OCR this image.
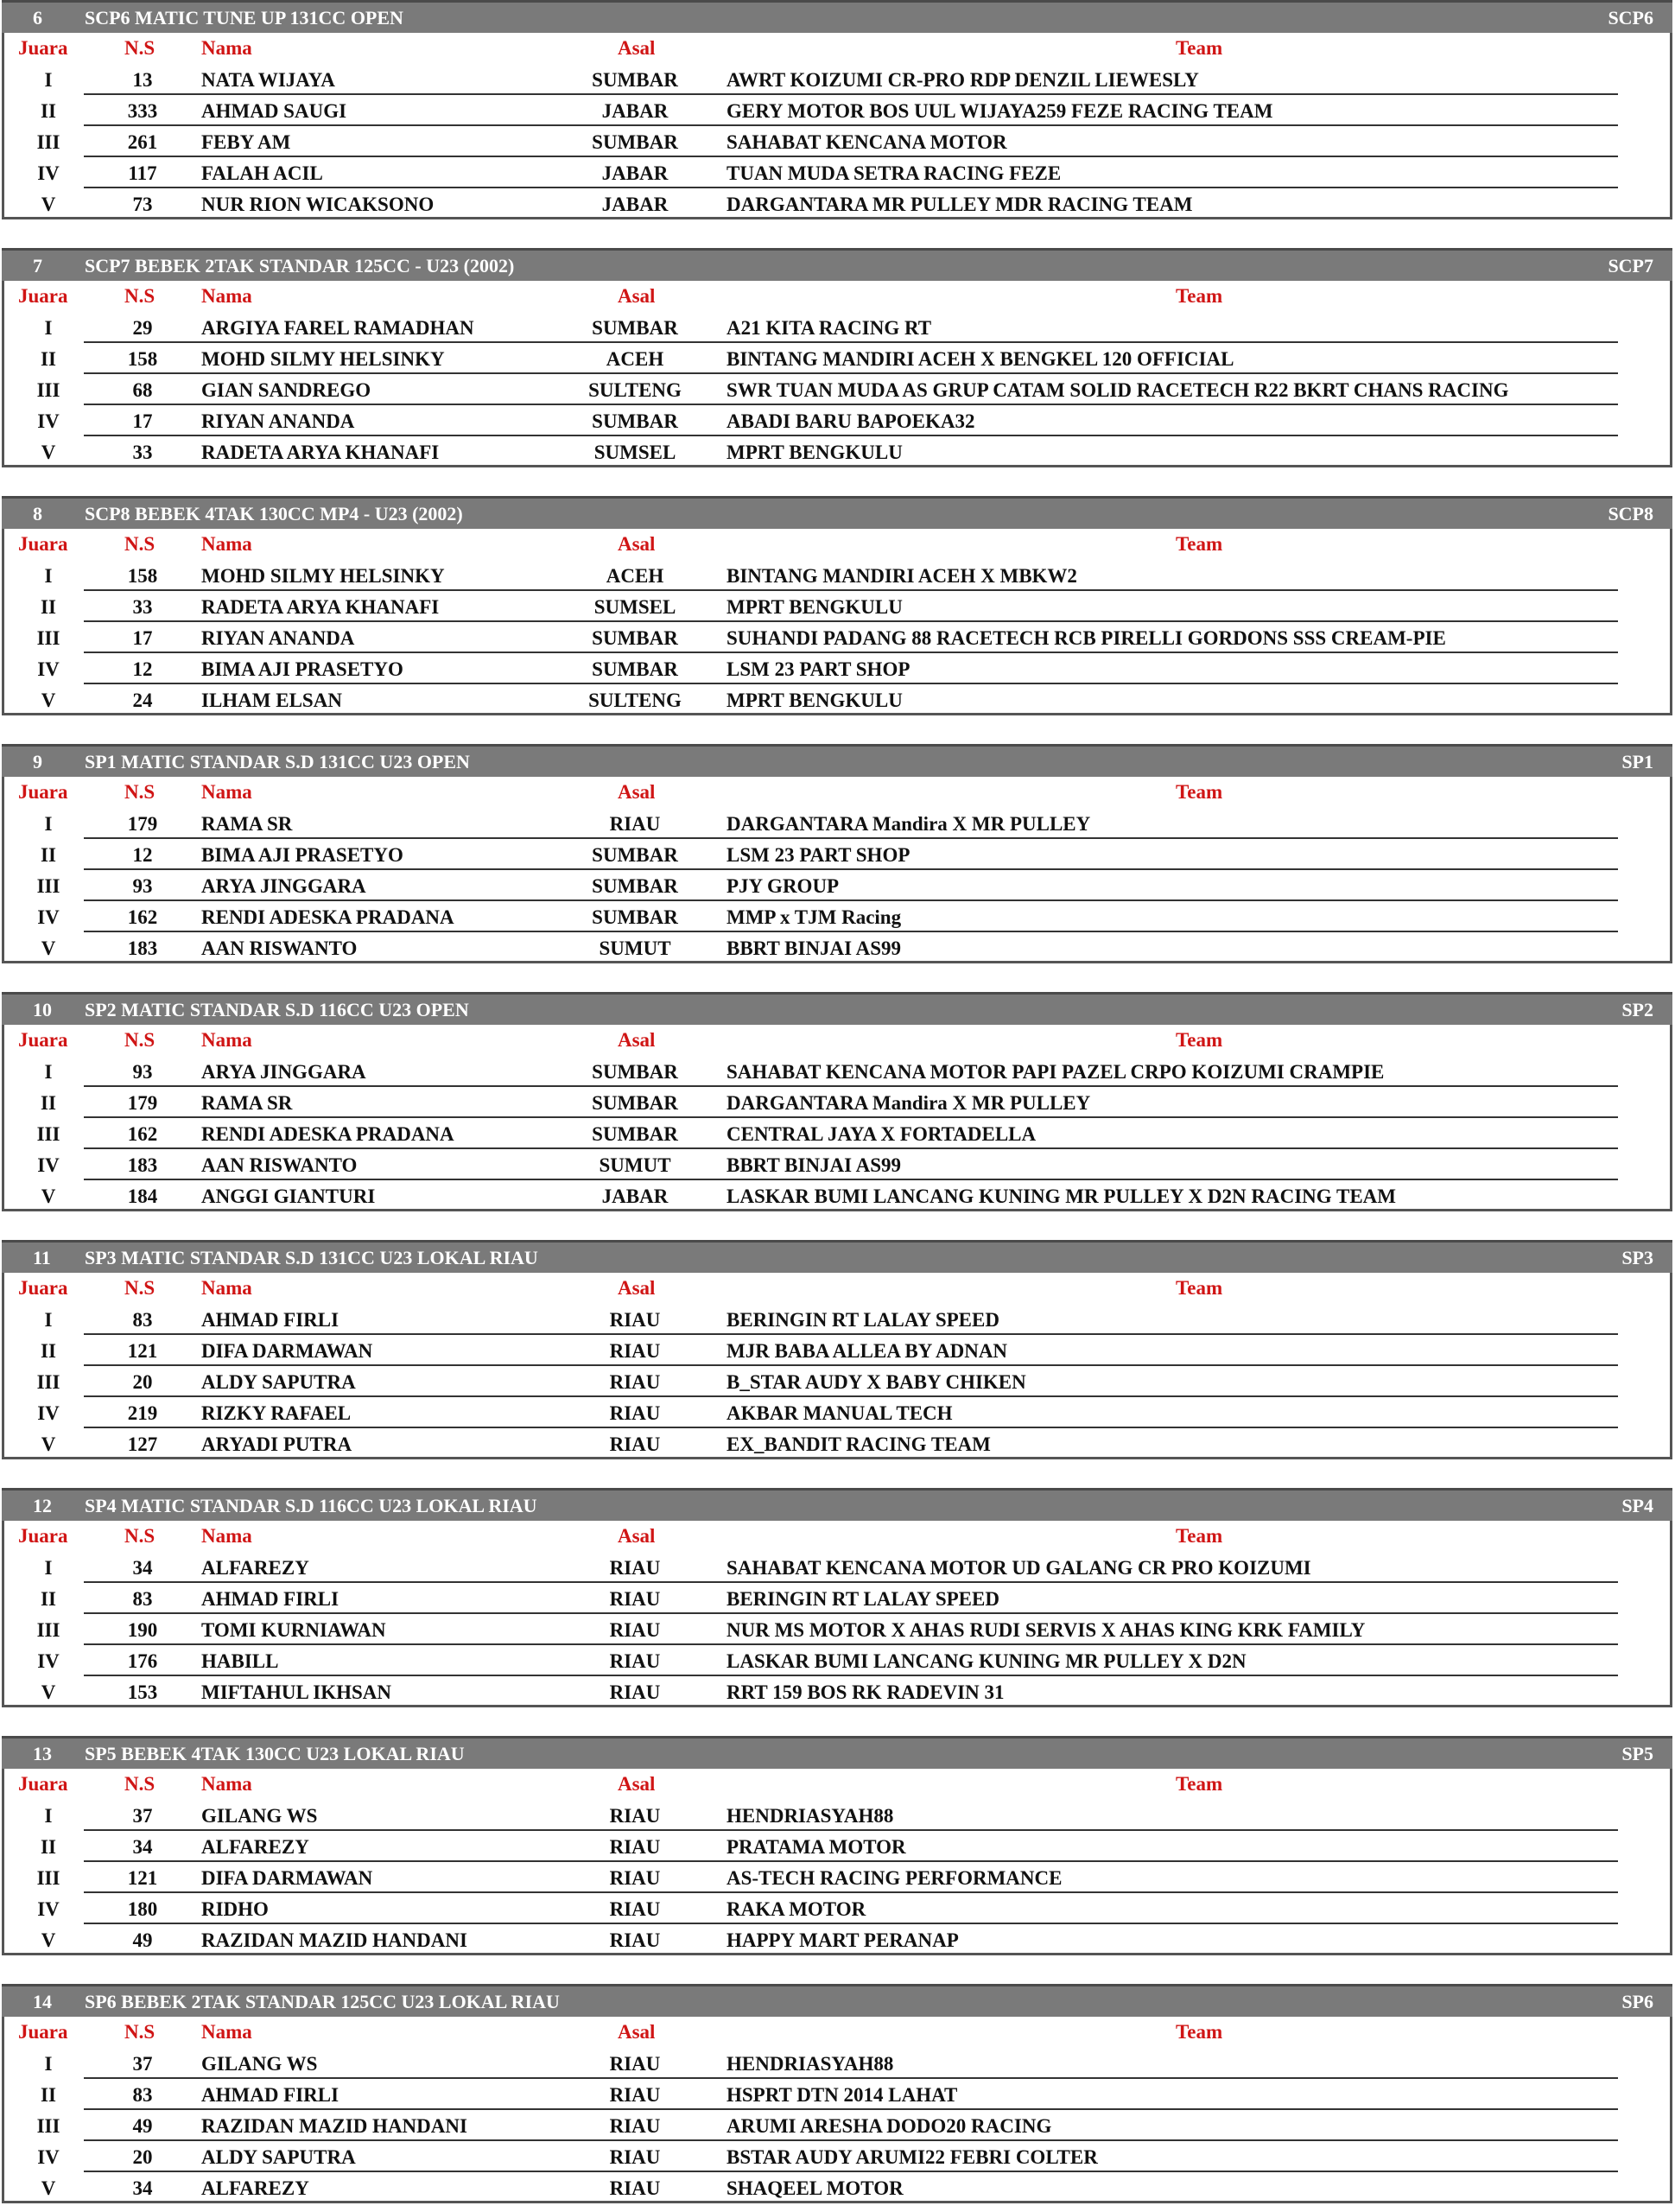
6 SCP6 MATIC TUNE UP 131CC OPEN	SCP6
Juara	N.S Nama	Asal	Team
I	13	NATA WIJAYA	SUMBAR	AWRT KOIZUMI CR-PRO RDP DENZIL LIEWESLY
II	333	AHMAD SAUGI	JABAR	GERY MOTOR BOS UUL WIJAYA259 FEZE RACING TEAM
III	261	FEBY AM	SUMBAR	SAHABAT KENCANA MOTOR
IV	117	FALAH ACIL	JABAR	TUAN MUDA SETRA RACING FEZE
V	73	NUR RION WICAKSONO	JABAR	DARGANTARA MR PULLEY MDR RACING TEAM
7 SCP7 BEBEK 2TAK STANDAR 125CC - U23 (2002)	SCP7
Juara	N.S Nama	Asal	Team
I	29	ARGIYA FAREL RAMADHAN	SUMBAR	A21 KITA RACING RT
II	158	MOHD SILMY HELSINKY	ACEH	BINTANG MANDIRI ACEH X BENGKEL 120 OFFICIAL
III	68	GIAN SANDREGO	SULTENG	SWR TUAN MUDA AS GRUP CATAM SOLID RACETECH R22 BKRT CHANS RACING
IV	17	RIYAN ANANDA	SUMBAR	ABADI BARU BAPOEKA32
V	33	RADETA ARYA KHANAFI	SUMSEL	MPRT BENGKULU
8 SCP8 BEBEK 4TAK 130CC MP4 - U23 (2002)	SCP8
Juara	N.S Nama	Asal	Team
I	158	MOHD SILMY HELSINKY	ACEH	BINTANG MANDIRI ACEH X MBKW2
II	33	RADETA ARYA KHANAFI	SUMSEL	MPRT BENGKULU
III	17	RIYAN ANANDA	SUMBAR	SUHANDI PADANG 88 RACETECH RCB PIRELLI GORDONS SSS CREAM-PIE
IV	12	BIMA AJI PRASETYO	SUMBAR	LSM 23 PART SHOP
V	24	ILHAM ELSAN	SULTENG	MPRT BENGKULU
9 SP1 MATIC STANDAR S.D 131CC U23 OPEN	SP1
Juara	N.S Nama	Asal	Team
I	179	RAMA SR	RIAU	DARGANTARA Mandira X MR PULLEY
II	12	BIMA AJI PRASETYO	SUMBAR	LSM 23 PART SHOP
III	93	ARYA JINGGARA	SUMBAR	PJY GROUP
IV	162	RENDI ADESKA PRADANA	SUMBAR	MMP x TJM Racing
V	183	AAN RISWANTO	SUMUT	BBRT BINJAI AS99
10 SP2 MATIC STANDAR S.D 116CC U23 OPEN	SP2
Juara	N.S Nama	Asal	Team
I	93	ARYA JINGGARA	SUMBAR	SAHABAT KENCANA MOTOR PAPI PAZEL CRPO KOIZUMI CRAMPIE
II	179	RAMA SR	SUMBAR	DARGANTARA Mandira X MR PULLEY
III	162	RENDI ADESKA PRADANA	SUMBAR	CENTRAL JAYA X FORTADELLA
IV	183	AAN RISWANTO	SUMUT	BBRT BINJAI AS99
V	184	ANGGI GIANTURI	JABAR	LASKAR BUMI LANCANG KUNING MR PULLEY X D2N RACING TEAM
11 SP3 MATIC STANDAR S.D 131CC U23 LOKAL RIAU	SP3
Juara	N.S Nama	Asal	Team
I	83	AHMAD FIRLI	RIAU	BERINGIN RT LALAY SPEED
II	121	DIFA DARMAWAN	RIAU	MJR BABA ALLEA BY ADNAN
III	20	ALDY SAPUTRA	RIAU	B_STAR AUDY X BABY CHIKEN
IV	219	RIZKY RAFAEL	RIAU	AKBAR MANUAL TECH
V	127	ARYADI PUTRA	RIAU	EX_BANDIT RACING TEAM
12 SP4 MATIC STANDAR S.D 116CC U23 LOKAL RIAU	SP4
Juara	N.S Nama	Asal	Team
I	34	ALFAREZY	RIAU	SAHABAT KENCANA MOTOR UD GALANG CR PRO KOIZUMI
II	83	AHMAD FIRLI	RIAU	BERINGIN RT LALAY SPEED
III	190	TOMI KURNIAWAN	RIAU	NUR MS MOTOR X AHAS RUDI SERVIS X AHAS KING KRK FAMILY
IV	176	HABILL	RIAU	LASKAR BUMI LANCANG KUNING MR PULLEY X D2N
V	153	MIFTAHUL IKHSAN	RIAU	RRT 159 BOS RK RADEVIN 31
13 SP5 BEBEK 4TAK 130CC U23 LOKAL RIAU	SP5
Juara	N.S Nama	Asal	Team
I	37	GILANG WS	RIAU	HENDRIASYAH88
II	34	ALFAREZY	RIAU	PRATAMA MOTOR
III	121	DIFA DARMAWAN	RIAU	AS-TECH RACING PERFORMANCE
IV	180	RIDHO	RIAU	RAKA MOTOR
V	49	RAZIDAN MAZID HANDANI	RIAU	HAPPY MART PERANAP
14 SP6 BEBEK 2TAK STANDAR 125CC U23 LOKAL RIAU	SP6
Juara	N.S Nama	Asal	Team
I	37	GILANG WS	RIAU	HENDRIASYAH88
II	83	AHMAD FIRLI	RIAU	HSPRT DTN 2014 LAHAT
III	49	RAZIDAN MAZID HANDANI	RIAU	ARUMI ARESHA DODO20 RACING
IV	20	ALDY SAPUTRA	RIAU	BSTAR AUDY ARUMI22 FEBRI COLTER
V	34	ALFAREZY	RIAU	SHAQEEL MOTOR
